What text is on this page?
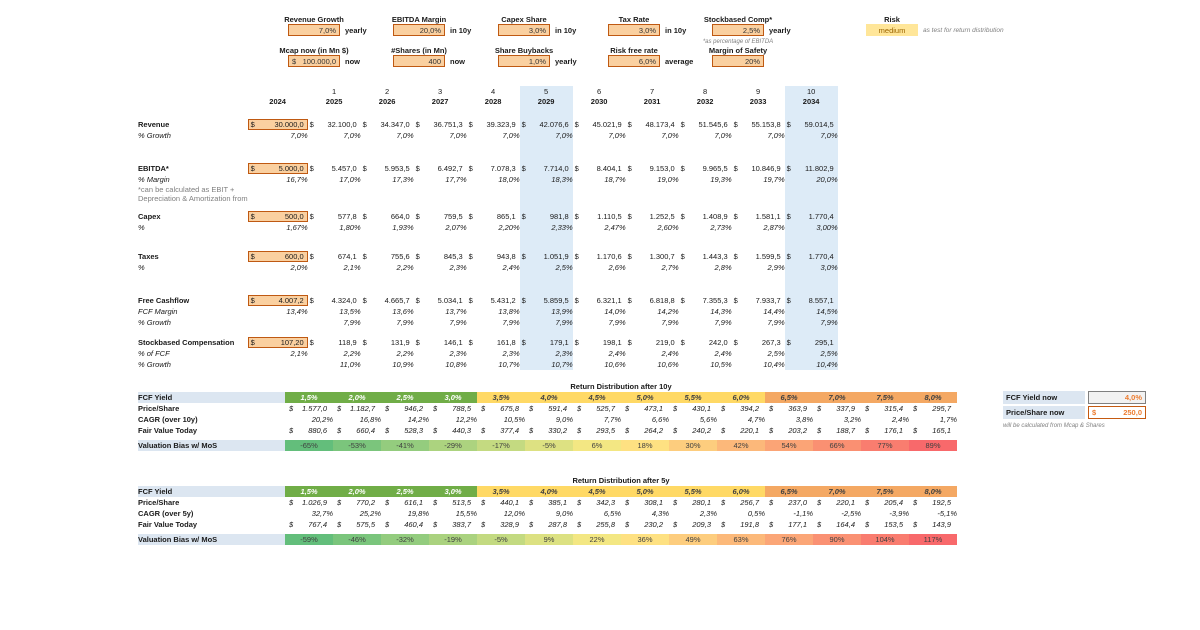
Revenue Growth
7,0% yearly
EBITDA Margin
20,0% in 10y
Capex Share
3,0% in 10y
Tax Rate
3,0% in 10y
Stockbased Comp*
2,5% yearly
*as percentage of EBITDA
Risk
medium	as test for return distribution
Mcap now (in Mn $)
$ 100.000,0 now
#Shares (in Mn)
400 now
Share Buybacks
1,0% yearly
Risk free rate
6,0% average
Margin of Safety
20%
		1	2	3	4	5	6	7	8	9	10
	2024	2025	2026	2027	2028	2029	2030	2031	2032	2033	2034

Revenue	$ 30.000,0	$ 32.100,0	$ 34.347,0	$ 36.751,3	$ 39.323,9	$ 42.076,6	$ 45.021,9	$ 48.173,4	$ 51.545,6	$ 55.153,8	$ 59.014,5

% Growth	7,0%	7,0%	7,0%	7,0%	7,0%	7,0%	7,0%	7,0%	7,0%	7,0%	7,0%

EBITDA*	$ 5.000,0	$ 5.457,0	$ 5.953,5	$ 6.492,7	$ 7.078,3	$ 7.714,0	$ 8.404,1	$ 9.153,0	$ 9.965,5	$ 10.846,9	$ 11.802,9

% Margin	16,7%	17,0%	17,3%	17,7%	18,0%	18,3%	18,7%	19,0%	19,3%	19,7%	20,0%
*can be calculated as EBIT +											
Depreciation & Amortization from											

Capex	$ 500,0	$ 577,8	$ 664,0	$ 759,5	$ 865,1	$ 981,8	$ 1.110,5	$ 1.252,5	$ 1.408,9	$ 1.581,1	$ 1.770,4

%	1,67%	1,80%	1,93%	2,07%	2,20%	2,33%	2,47%	2,60%	2,73%	2,87%	3,00%

Taxes	$ 600,0	$ 674,1	$ 755,6	$ 845,3	$ 943,8	$ 1.051,9	$ 1.170,6	$ 1.300,7	$ 1.443,3	$ 1.599,5	$ 1.770,4

%	2,0%	2,1%	2,2%	2,3%	2,4%	2,5%	2,6%	2,7%	2,8%	2,9%	3,0%

Free Cashflow	$ 4.007,2	$ 4.324,0	$ 4.665,7	$ 5.034,1	$ 5.431,2	$ 5.859,5	$ 6.321,1	$ 6.818,8	$ 7.355,3	$ 7.933,7	$ 8.557,1

FCF Margin	13,4%	13,5%	13,6%	13,7%	13,8%	13,9%	14,0%	14,2%	14,3%	14,4%	14,5%
% Growth		7,9%	7,9%	7,9%	7,9%	7,9%	7,9%	7,9%	7,9%	7,9%	7,9%

Stockbased Compensation	$ 107,20	$ 118,9	$ 131,9	$ 146,1	$ 161,8	$ 179,1	$ 198,1	$ 219,0	$ 242,0	$ 267,3	$ 295,1

% of FCF	2,1%	2,2%	2,2%	2,3%	2,3%	2,3%	2,4%	2,4%	2,4%	2,5%	2,5%
% Growth		11,0%	10,9%	10,8%	10,7%	10,7%	10,6%	10,6%	10,5%	10,4%	10,4%
Return Distribution after 10y
FCF Yield	1,5%	2,0%	2,5%	3,0%	3,5%	4,0%	4,5%	5,0%	5,5%	6,0%	6,5%	7,0%	7,5%	8,0%
Price/Share	$ 1.577,0	$ 1.182,7	$ 946,2	$ 788,5	$ 675,8	$ 591,4	$ 525,7	$ 473,1	$ 430,1	$ 394,2	$ 363,9	$ 337,9	$ 315,4	$ 295,7

CAGR (over 10y)	20,2%	16,8%	14,2%	12,2%	10,5%	9,0%	7,7%	6,6%	5,6%	4,7%	3,8%	3,2%	2,4%	1,7%
Fair Value Today	$ 880,6	$ 660,4	$ 528,3	$ 440,3	$ 377,4	$ 330,2	$ 293,5	$ 264,2	$ 240,2	$ 220,1	$ 203,2	$ 188,7	$ 176,1	$ 165,1

Valuation Bias w/ MoS	-65%	-53%	-41%	-29%	-17%	-5%	6%	18%	30%	42%	54%	66%	77%	89%
Return Distribution after 5y
FCF Yield	1,5%	2,0%	2,5%	3,0%	3,5%	4,0%	4,5%	5,0%	5,5%	6,0%	6,5%	7,0%	7,5%	8,0%
Price/Share	$ 1.026,9	$ 770,2	$ 616,1	$ 513,5	$ 440,1	$ 385,1	$ 342,3	$ 308,1	$ 280,1	$ 256,7	$ 237,0	$ 220,1	$ 205,4	$ 192,5

CAGR (over 5y)	32,7%	25,2%	19,8%	15,5%	12,0%	9,0%	6,5%	4,3%	2,3%	0,5%	-1,1%	-2,5%	-3,9%	-5,1%
Fair Value Today	$ 767,4	$ 575,5	$ 460,4	$ 383,7	$ 328,9	$ 287,8	$ 255,8	$ 230,2	$ 209,3	$ 191,8	$ 177,1	$ 164,4	$ 153,5	$ 143,9

Valuation Bias w/ MoS	-59%	-46%	-32%	-19%	-5%	9%	22%	36%	49%	63%	76%	90%	104%	117%
FCF Yield now	4,0%
Price/Share now	$	250,0
will be calculated from Mcap & Shares
